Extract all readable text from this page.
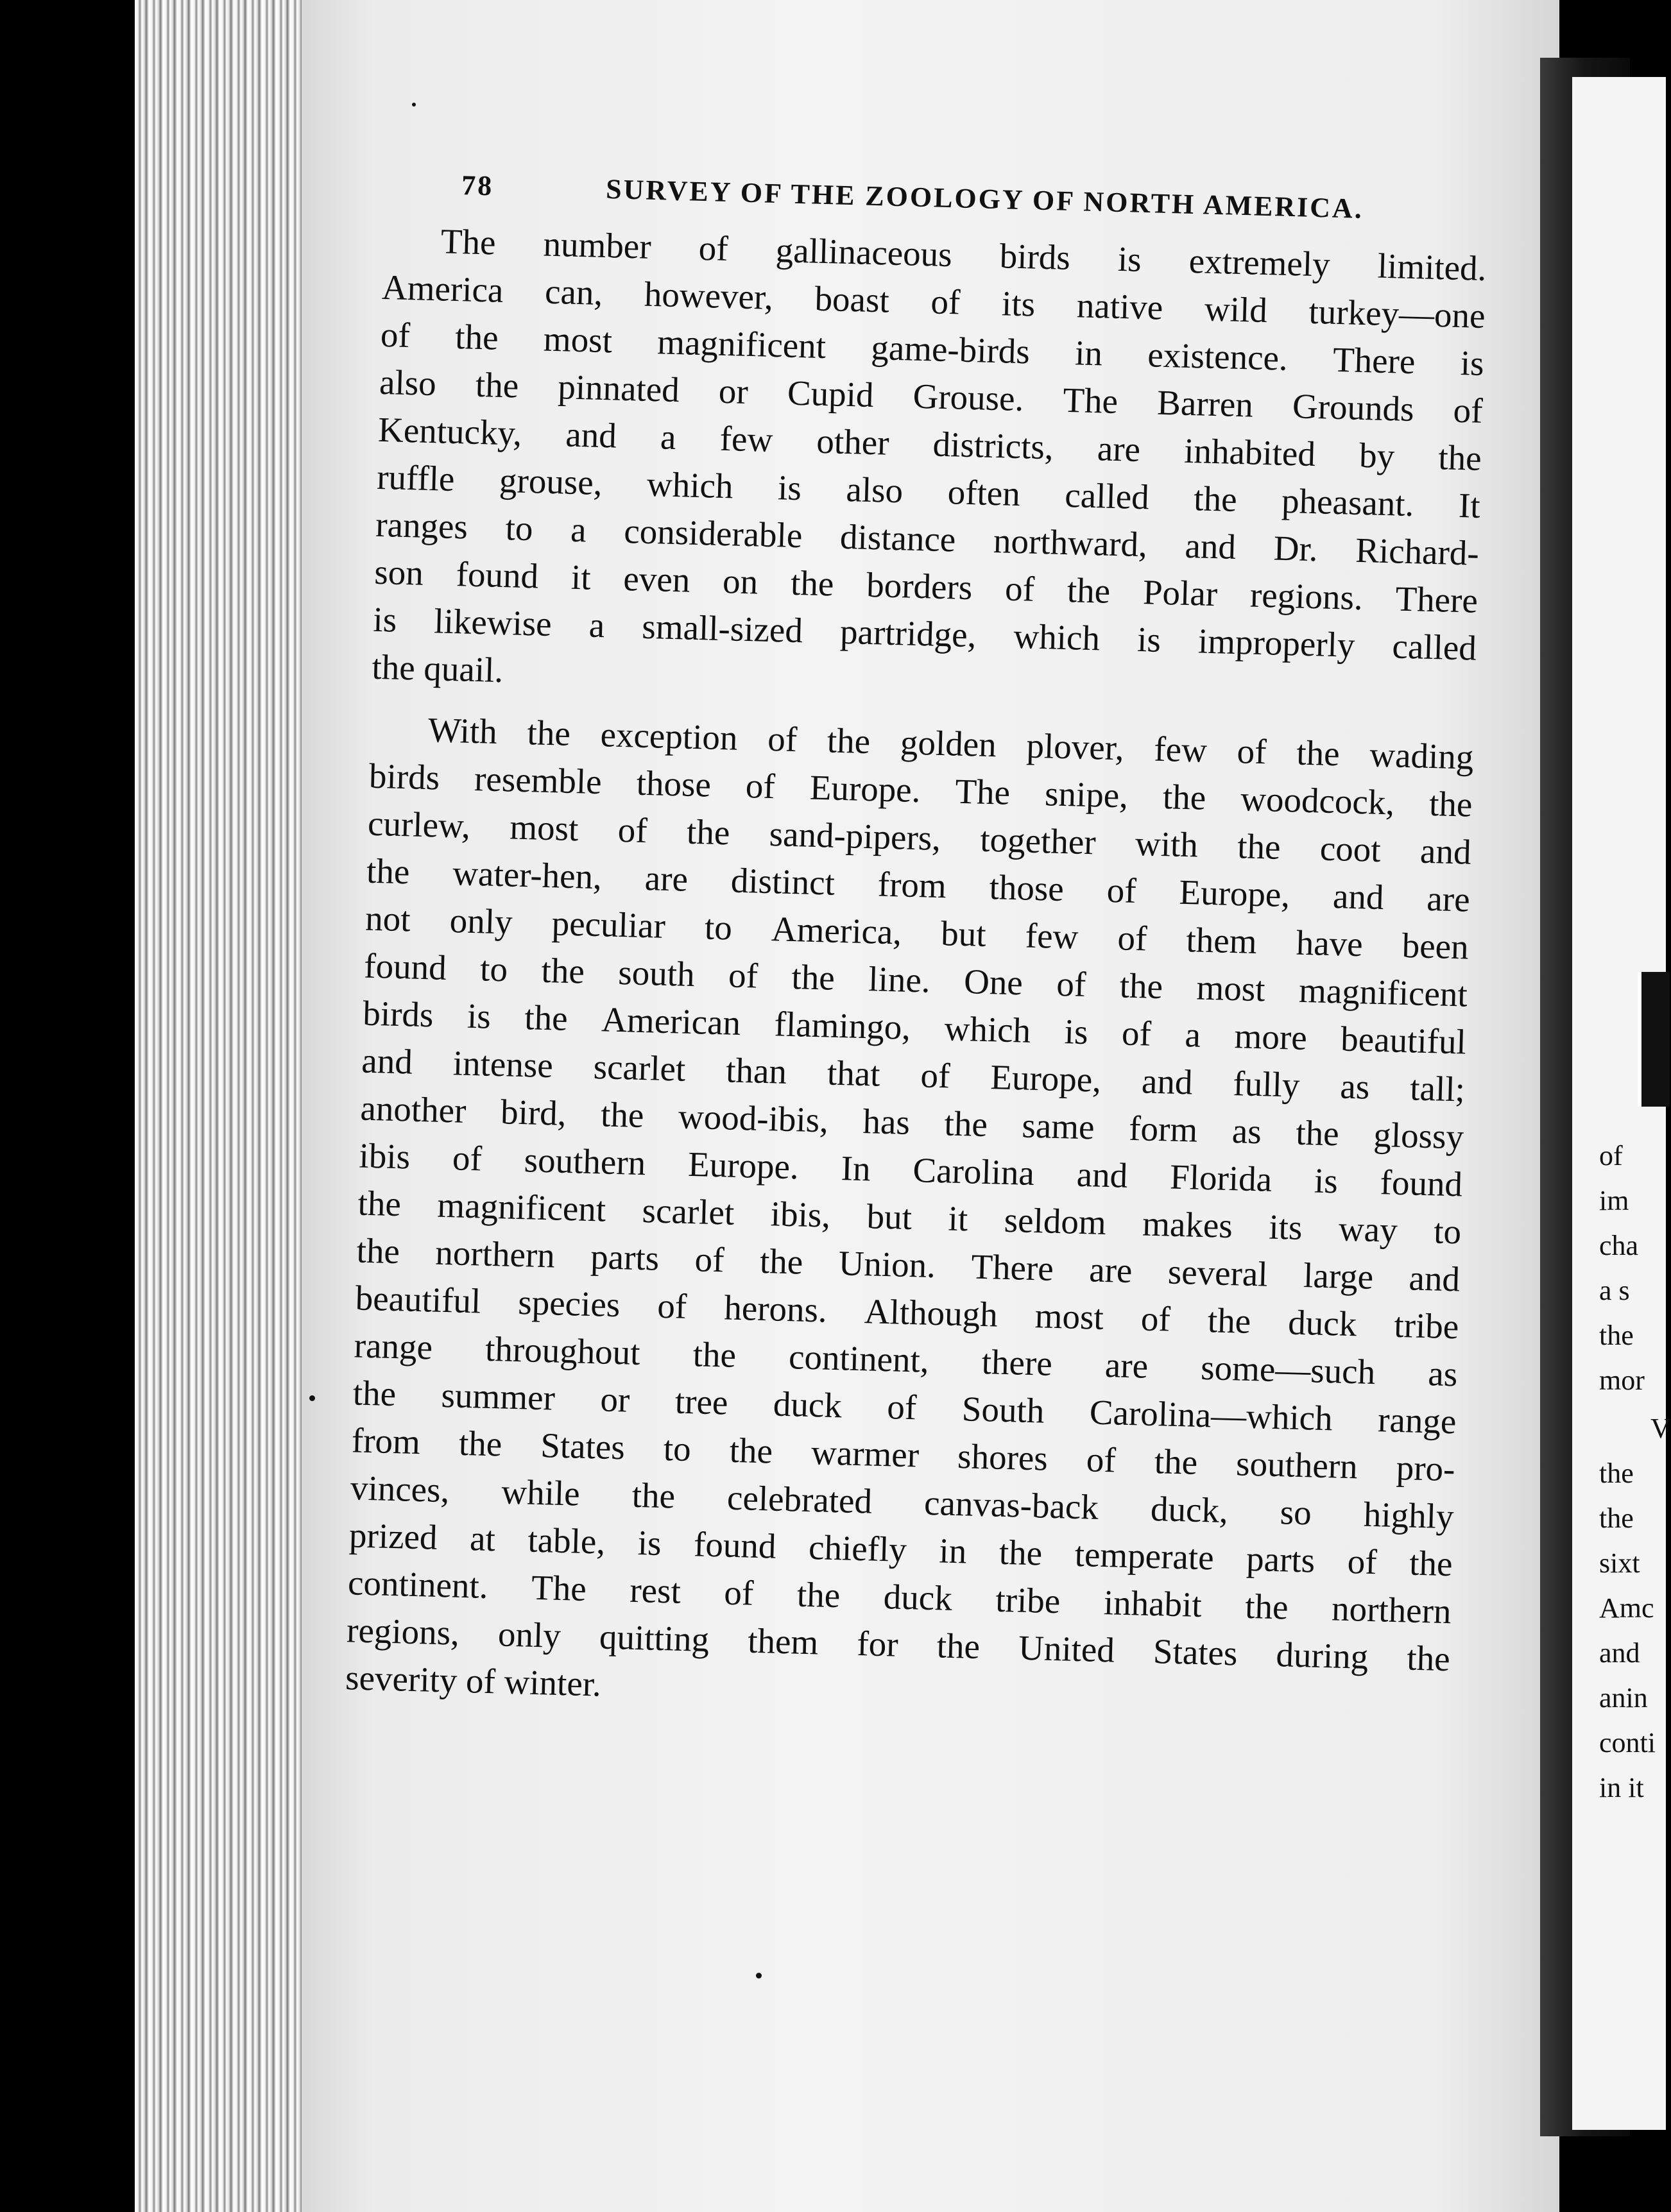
of
im
cha
a s
the
mor
V
the
the
sixt
Amc
and
anin
conti
in it
78	SURVEY OF THE ZOOLOGY OF NORTH AMERICA.
The number of gallinaceous birds is extremely limited.
America can, however, boast of its native wild turkey—one
of the most magnificent game-birds in existence. There is
also the pinnated or Cupid Grouse. The Barren Grounds of
Kentucky, and a few other districts, are inhabited by the
ruffle grouse, which is also often called the pheasant. It
ranges to a considerable distance northward, and Dr. Richard-
son found it even on the borders of the Polar regions. There
is likewise a small-sized partridge, which is improperly called
the quail.
With the exception of the golden plover, few of the wading
birds resemble those of Europe. The snipe, the woodcock, the
curlew, most of the sand-pipers, together with the coot and
the water-hen, are distinct from those of Europe, and are
not only peculiar to America, but few of them have been
found to the south of the line. One of the most magnificent
birds is the American flamingo, which is of a more beautiful
and intense scarlet than that of Europe, and fully as tall;
another bird, the wood-ibis, has the same form as the glossy
ibis of southern Europe. In Carolina and Florida is found
the magnificent scarlet ibis, but it seldom makes its way to
the northern parts of the Union. There are several large and
beautiful species of herons. Although most of the duck tribe
range throughout the continent, there are some—such as
the summer or tree duck of South Carolina—which range
from the States to the warmer shores of the southern pro-
vinces, while the celebrated canvas-back duck, so highly
prized at table, is found chiefly in the temperate parts of the
continent. The rest of the duck tribe inhabit the northern
regions, only quitting them for the United States during the
severity of winter.
